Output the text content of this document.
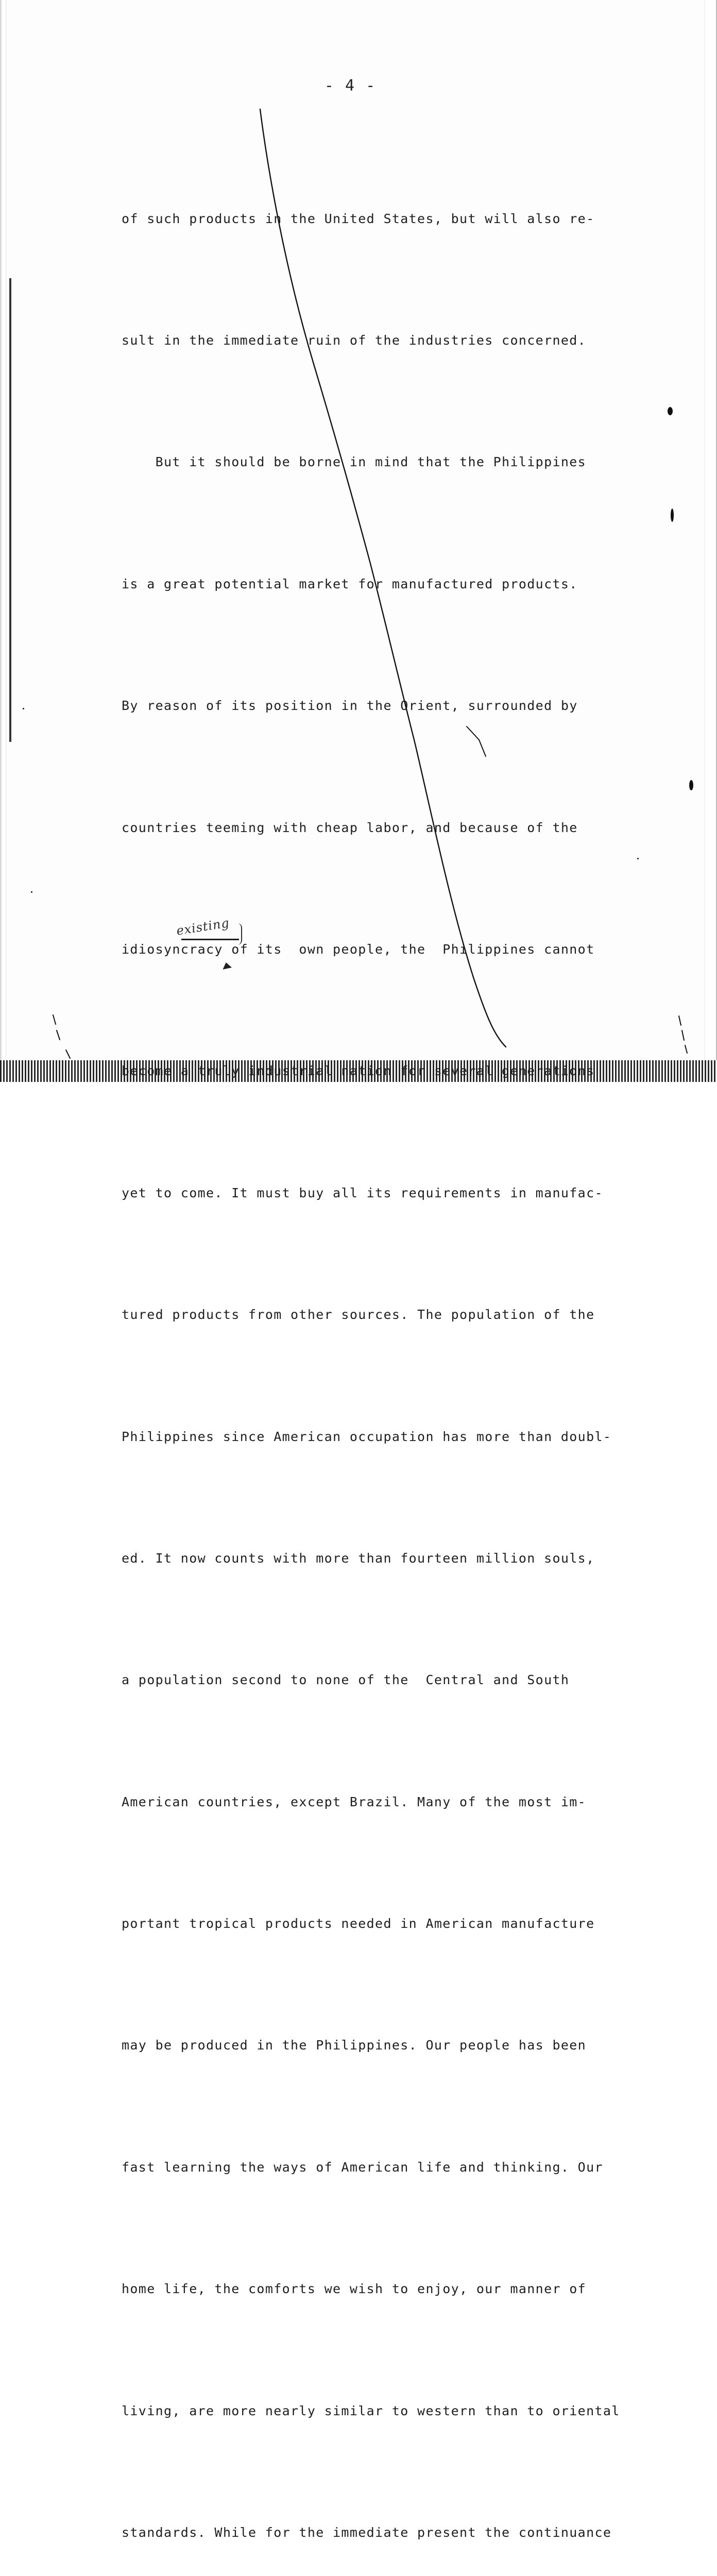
- 4 -

of such products in the United States, but will also re-

sult in the immediate ruin of the industries concerned.

But it should be borne in mind that the Philippines

is a great potential market for manufactured products.

By reason of its position in the Orient, surrounded by

countries teeming with cheap labor, and because of the

idiosyncracy of its  own people, the  Philippines cannot

become a truly industrial nation for several generations

yet to come. It must buy all its requirements in manufac-

tured products from other sources. The population of the

Philippines since American occupation has more than doubl-

ed. It now counts with more than fourteen million souls,

a population second to none of the  Central and South

American countries, except Brazil. Many of the most im-

portant tropical products needed in American manufacture

may be produced in the Philippines. Our people has been

fast learning the ways of American life and thinking. Our

home life, the comforts we wish to enjoy, our manner of

living, are more nearly similar to western than to oriental

standards. While for the immediate present the continuance

existing
